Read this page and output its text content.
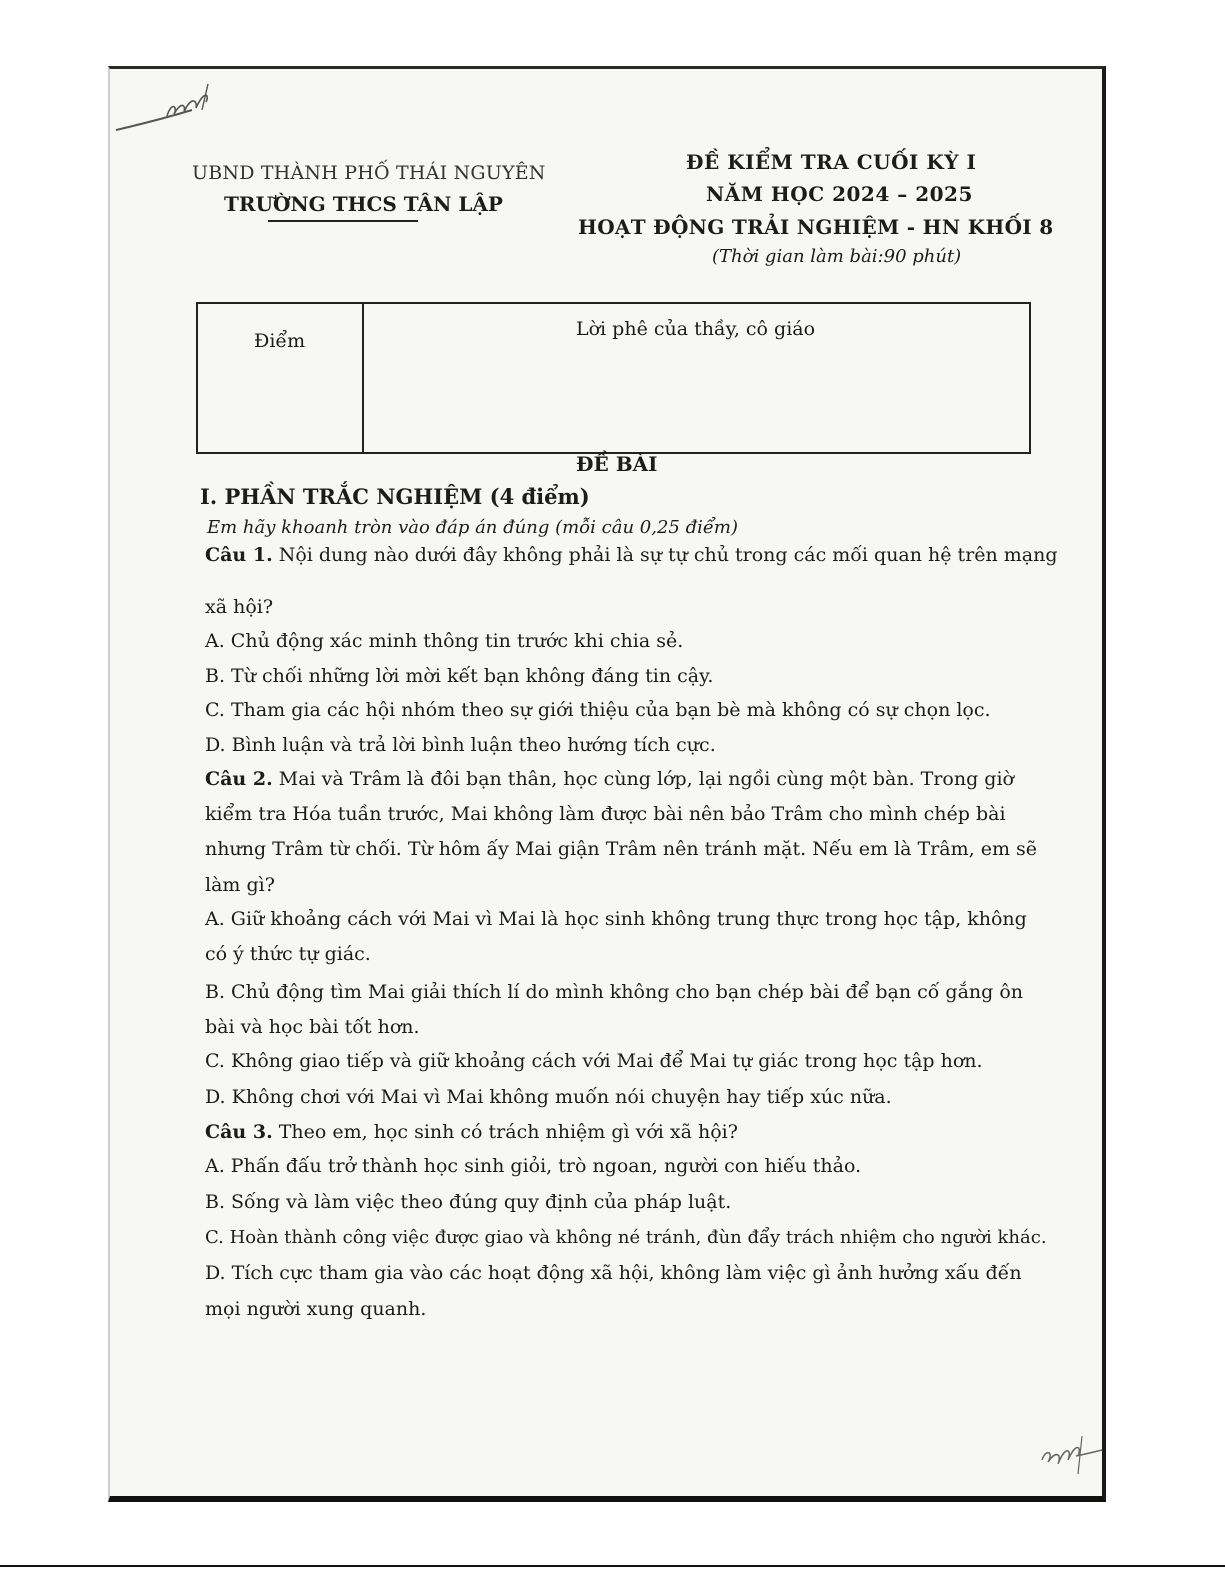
UBND THÀNH PHỐ THÁI NGUYÊN
TRƯỜNG THCS TÂN LẬP
ĐỀ KIỂM TRA CUỐI KỲ I
NĂM HỌC 2024 – 2025
HOẠT ĐỘNG TRẢI NGHIỆM - HN KHỐI 8
(Thời gian làm bài:90 phút)
Điểm
Lời phê của thầy, cô giáo
ĐỀ BÀI
I. PHẦN TRẮC NGHIỆM (4 điểm)
Em hãy khoanh tròn vào đáp án đúng (mỗi câu 0,25 điểm)
Câu 1. Nội dung nào dưới đây không phải là sự tự chủ trong các mối quan hệ trên mạng
xã hội?
A. Chủ động xác minh thông tin trước khi chia sẻ.
B. Từ chối những lời mời kết bạn không đáng tin cậy.
C. Tham gia các hội nhóm theo sự giới thiệu của bạn bè mà không có sự chọn lọc.
D. Bình luận và trả lời bình luận theo hướng tích cực.
Câu 2. Mai và Trâm là đôi bạn thân, học cùng lớp, lại ngồi cùng một bàn. Trong giờ
kiểm tra Hóa tuần trước, Mai không làm được bài nên bảo Trâm cho mình chép bài
nhưng Trâm từ chối. Từ hôm ấy Mai giận Trâm nên tránh mặt. Nếu em là Trâm, em sẽ
làm gì?
A. Giữ khoảng cách với Mai vì Mai là học sinh không trung thực trong học tập, không
có ý thức tự giác.
B. Chủ động tìm Mai giải thích lí do mình không cho bạn chép bài để bạn cố gắng ôn
bài và học bài tốt hơn.
C. Không giao tiếp và giữ khoảng cách với Mai để Mai tự giác trong học tập hơn.
D. Không chơi với Mai vì Mai không muốn nói chuyện hay tiếp xúc nữa.
Câu 3. Theo em, học sinh có trách nhiệm gì với xã hội?
A. Phấn đấu trở thành học sinh giỏi, trò ngoan, người con hiếu thảo.
B. Sống và làm việc theo đúng quy định của pháp luật.
C. Hoàn thành công việc được giao và không né tránh, đùn đẩy trách nhiệm cho người khác.
D. Tích cực tham gia vào các hoạt động xã hội, không làm việc gì ảnh hưởng xấu đến
mọi người xung quanh.
